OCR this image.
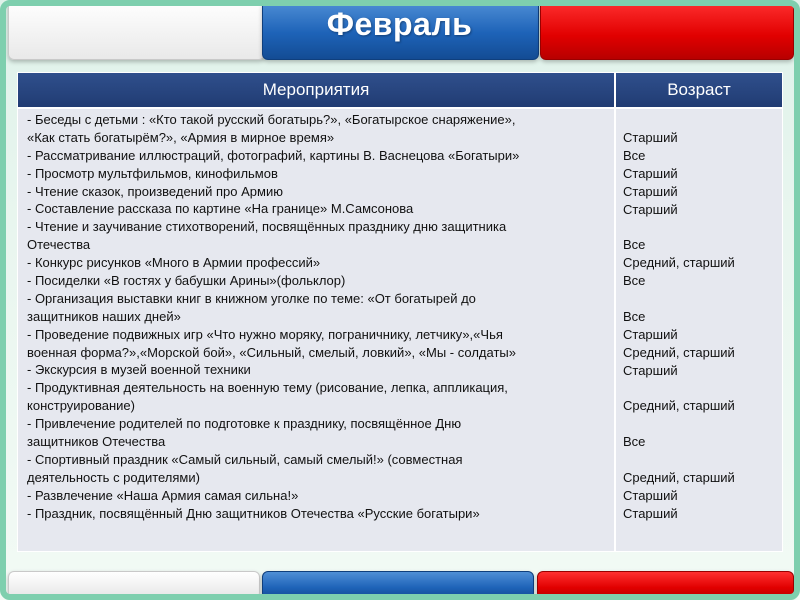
Февраль
Мероприятия	Возраст
- Беседы с детьми : «Кто такой русский богатырь?», «Богатырское снаряжение»,
«Как стать богатырём?», «Армия в мирное время»
- Рассматривание иллюстраций, фотографий, картины В. Васнецова «Богатыри»
- Просмотр мультфильмов, кинофильмов
- Чтение сказок, произведений про Армию
- Составление рассказа по картине «На границе» М.Самсонова
- Чтение и заучивание стихотворений, посвящённых празднику дню защитника
Отечества
- Конкурс рисунков «Много в Армии профессий»
- Посиделки «В гостях у бабушки Арины»(фольклор)
- Организация выставки книг в книжном уголке по теме: «От богатырей до
защитников наших дней»
- Проведение подвижных игр «Что нужно моряку, пограничнику, летчику»,«Чья
военная форма?»,«Морской бой», «Сильный, смелый, ловкий», «Мы - солдаты»
- Экскурсия в музей военной техники
- Продуктивная деятельность на военную тему (рисование, лепка, аппликация,
конструирование)
- Привлечение родителей по подготовке к празднику, посвящённое Дню
защитников Отечества
- Спортивный праздник «Самый сильный, самый смелый!» (совместная
деятельность с родителями)
- Развлечение «Наша Армия самая сильна!»
- Праздник, посвящённый Дню защитников Отечества «Русские богатыри»
Старший
Все
Старший
Старший
Старший
Все
Средний, старший
Все
Все
Старший
Средний, старший
Старший
Средний, старший
Все
Средний, старший
Старший
Старший
